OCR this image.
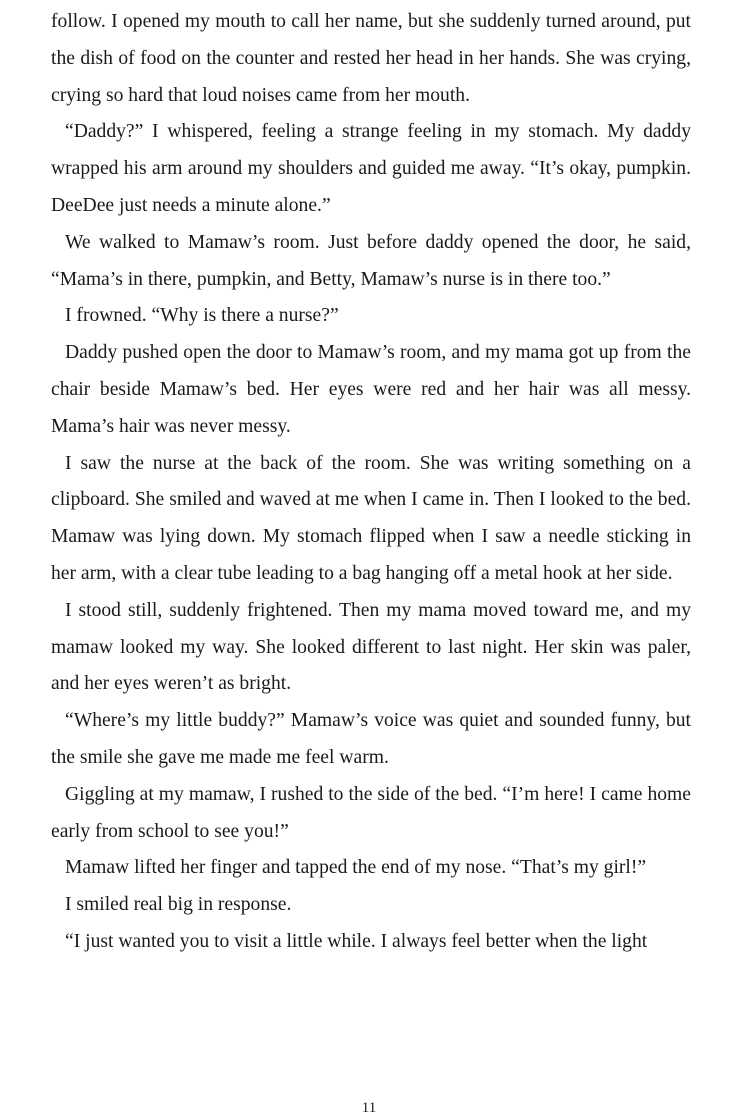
follow. I opened my mouth to call her name, but she suddenly turned around, put the dish of food on the counter and rested her head in her hands. She was crying, crying so hard that loud noises came from her mouth.

“Daddy?” I whispered, feeling a strange feeling in my stomach. My daddy wrapped his arm around my shoulders and guided me away. “It’s okay, pumpkin. DeeDee just needs a minute alone.”

We walked to Mamaw’s room. Just before daddy opened the door, he said, “Mama’s in there, pumpkin, and Betty, Mamaw’s nurse is in there too.”

I frowned. “Why is there a nurse?”

Daddy pushed open the door to Mamaw’s room, and my mama got up from the chair beside Mamaw’s bed. Her eyes were red and her hair was all messy. Mama’s hair was never messy.

I saw the nurse at the back of the room. She was writing something on a clipboard. She smiled and waved at me when I came in. Then I looked to the bed. Mamaw was lying down. My stomach flipped when I saw a needle sticking in her arm, with a clear tube leading to a bag hanging off a metal hook at her side.

I stood still, suddenly frightened. Then my mama moved toward me, and my mamaw looked my way. She looked different to last night. Her skin was paler, and her eyes weren’t as bright.

“Where’s my little buddy?” Mamaw’s voice was quiet and sounded funny, but the smile she gave me made me feel warm.

Giggling at my mamaw, I rushed to the side of the bed. “I’m here! I came home early from school to see you!”

Mamaw lifted her finger and tapped the end of my nose. “That’s my girl!”

I smiled real big in response.

“I just wanted you to visit a little while. I always feel better when the light

11
